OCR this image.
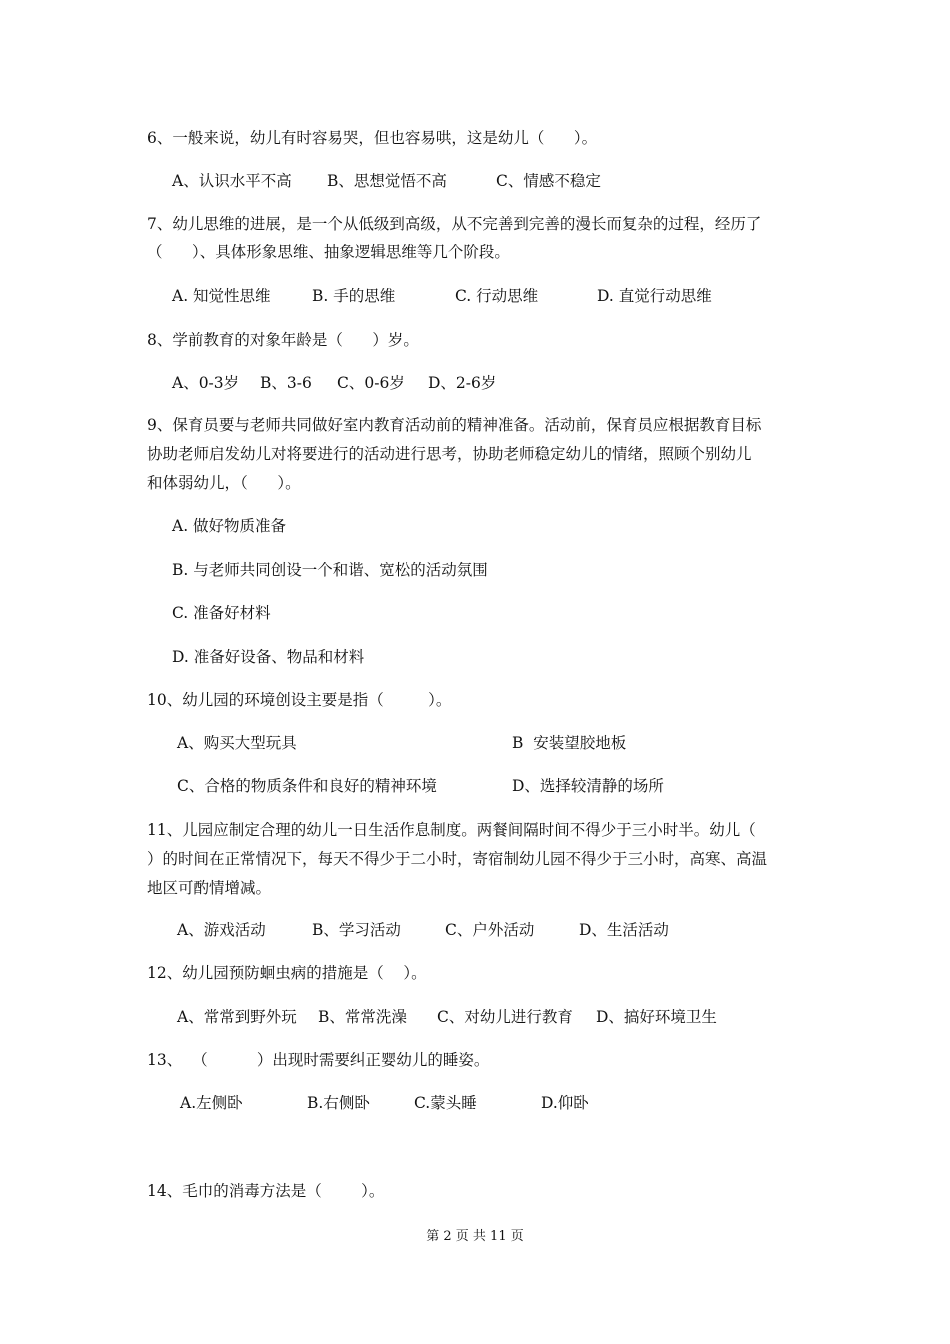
6、一般来说，幼儿有时容易哭，但也容易哄，这是幼儿（      ）。
A、认识水平不高 B、思想觉悟不高	C、情感不稳定
7、幼儿思维的进展，是一个从低级到高级，从不完善到完善的漫长而复杂的过程，经历了
（      ）、具体形象思维、抽象逻辑思维等几个阶段。
A. 知觉性思维	B. 手的思维	C. 行动思维	D. 直觉行动思维
8、学前教育的对象年龄是（      ）岁。
A、0-3岁 B、3-6 C、0-6岁 D、2-6岁
9、保育员要与老师共同做好室内教育活动前的精神准备。活动前，保育员应根据教育目标
协助老师启发幼儿对将要进行的活动进行思考，协助老师稳定幼儿的情绪，照顾个别幼儿
和体弱幼儿，（      ）。
A. 做好物质准备
B. 与老师共同创设一个和谐、宽松的活动氛围
C. 准备好材料
D. 准备好设备、物品和材料
10、幼儿园的环境创设主要是指（         ）。
A、购买大型玩具	B  安装望胶地板
C、合格的物质条件和良好的精神环境	D、选择较清静的场所
11、儿园应制定合理的幼儿一日生活作息制度。两餐间隔时间不得少于三小时半。幼儿（
）的时间在正常情况下，每天不得少于二小时，寄宿制幼儿园不得少于三小时，高寒、高温
地区可酌情增减。
A、游戏活动	B、学习活动	C、户外活动	D、生活活动
12、幼儿园预防蛔虫病的措施是（    ）。
A、常常到野外玩 B、常常洗澡 C、对幼儿进行教育 D、搞好环境卫生
13、  （          ）出现时需要纠正婴幼儿的睡姿。
A.左侧卧	B.右侧卧	C.蒙头睡	D.仰卧
14、毛巾的消毒方法是（        ）。
第 2 页 共 11 页
